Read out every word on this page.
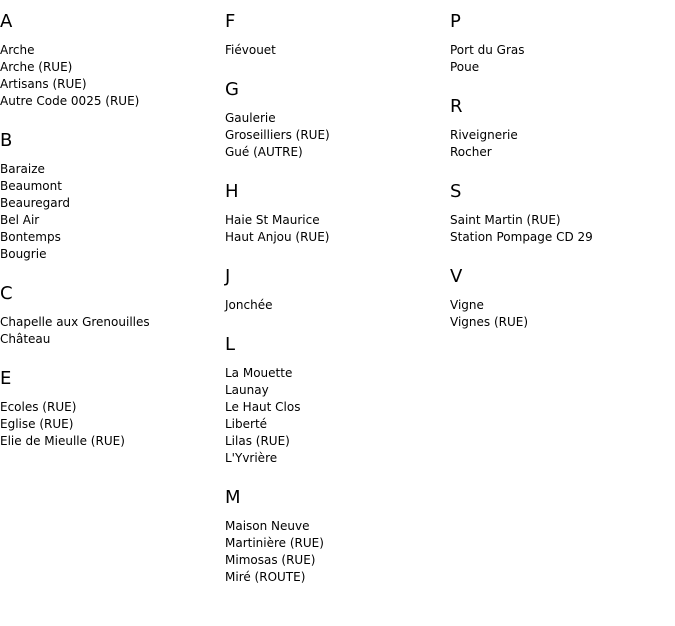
A
Arche
Arche (RUE)
Artisans (RUE)
Autre Code 0025 (RUE)
B
Baraize
Beaumont
Beauregard
Bel Air
Bontemps
Bougrie
C
Chapelle aux Grenouilles
Château
E
Ecoles (RUE)
Eglise (RUE)
Elie de Mieulle (RUE)
F
Fiévouet
G
Gaulerie
Groseilliers (RUE)
Gué (AUTRE)
H
Haie St Maurice
Haut Anjou (RUE)
J
Jonchée
L
La Mouette
Launay
Le Haut Clos
Liberté
Lilas (RUE)
L'Yvrière
M
Maison Neuve
Martinière (RUE)
Mimosas (RUE)
Miré (ROUTE)
P
Port du Gras
Poue
R
Riveignerie
Rocher
S
Saint Martin (RUE)
Station Pompage CD 29
V
Vigne
Vignes (RUE)
